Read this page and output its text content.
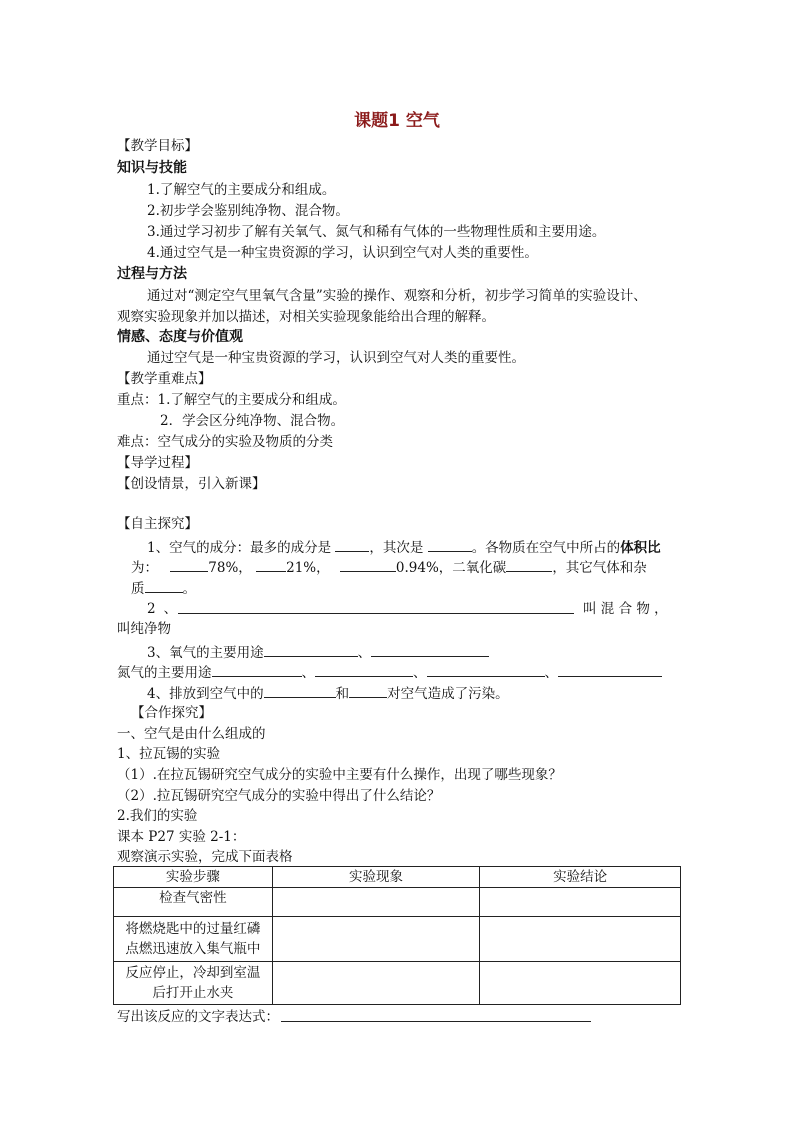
课题1 空气
【教学目标】
知识与技能
1.了解空气的主要成分和组成。
2.初步学会鉴别纯净物、混合物。
3.通过学习初步了解有关氧气、氮气和稀有气体的一些物理性质和主要用途。
4.通过空气是一种宝贵资源的学习，认识到空气对人类的重要性。
过程与方法
通过对“测定空气里氧气含量”实验的操作、观察和分析，初步学习简单的实验设计、
观察实验现象并加以描述，对相关实验现象能给出合理的解释。
情感、态度与价值观
通过空气是一种宝贵资源的学习，认识到空气对人类的重要性。
【教学重难点】
重点：1.了解空气的主要成分和组成。
2．学会区分纯净物、混合物。
难点：空气成分的实验及物质的分类
【导学过程】
【创设情景，引入新课】
【自主探究】
1、空气的成分：最多的成分是	，其次是	。各物质在空气中所占的体积比
为：	78%，	21%，	0.94%，二氧化碳	，其它气体和杂
质	。
2 、	叫 混 合 物 ，
叫纯净物
3、氧气的主要用途	、
氮气的主要用途	、	、	、
4、排放到空气中的	和	对空气造成了污染。
【合作探究】
一、空气是由什么组成的
1、拉瓦锡的实验
（1）.在拉瓦锡研究空气成分的实验中主要有什么操作，出现了哪些现象？
（2）.拉瓦锡研究空气成分的实验中得出了什么结论？
2.我们的实验
课本 P27 实验 2-1：
观察演示实验，完成下面表格
实验步骤	实验现象	实验结论
检查气密性		

将燃烧匙中的过量红磷
点燃迅速放入集气瓶中		

反应停止，冷却到室温
后打开止水夹		

写出该反应的文字表达式：
